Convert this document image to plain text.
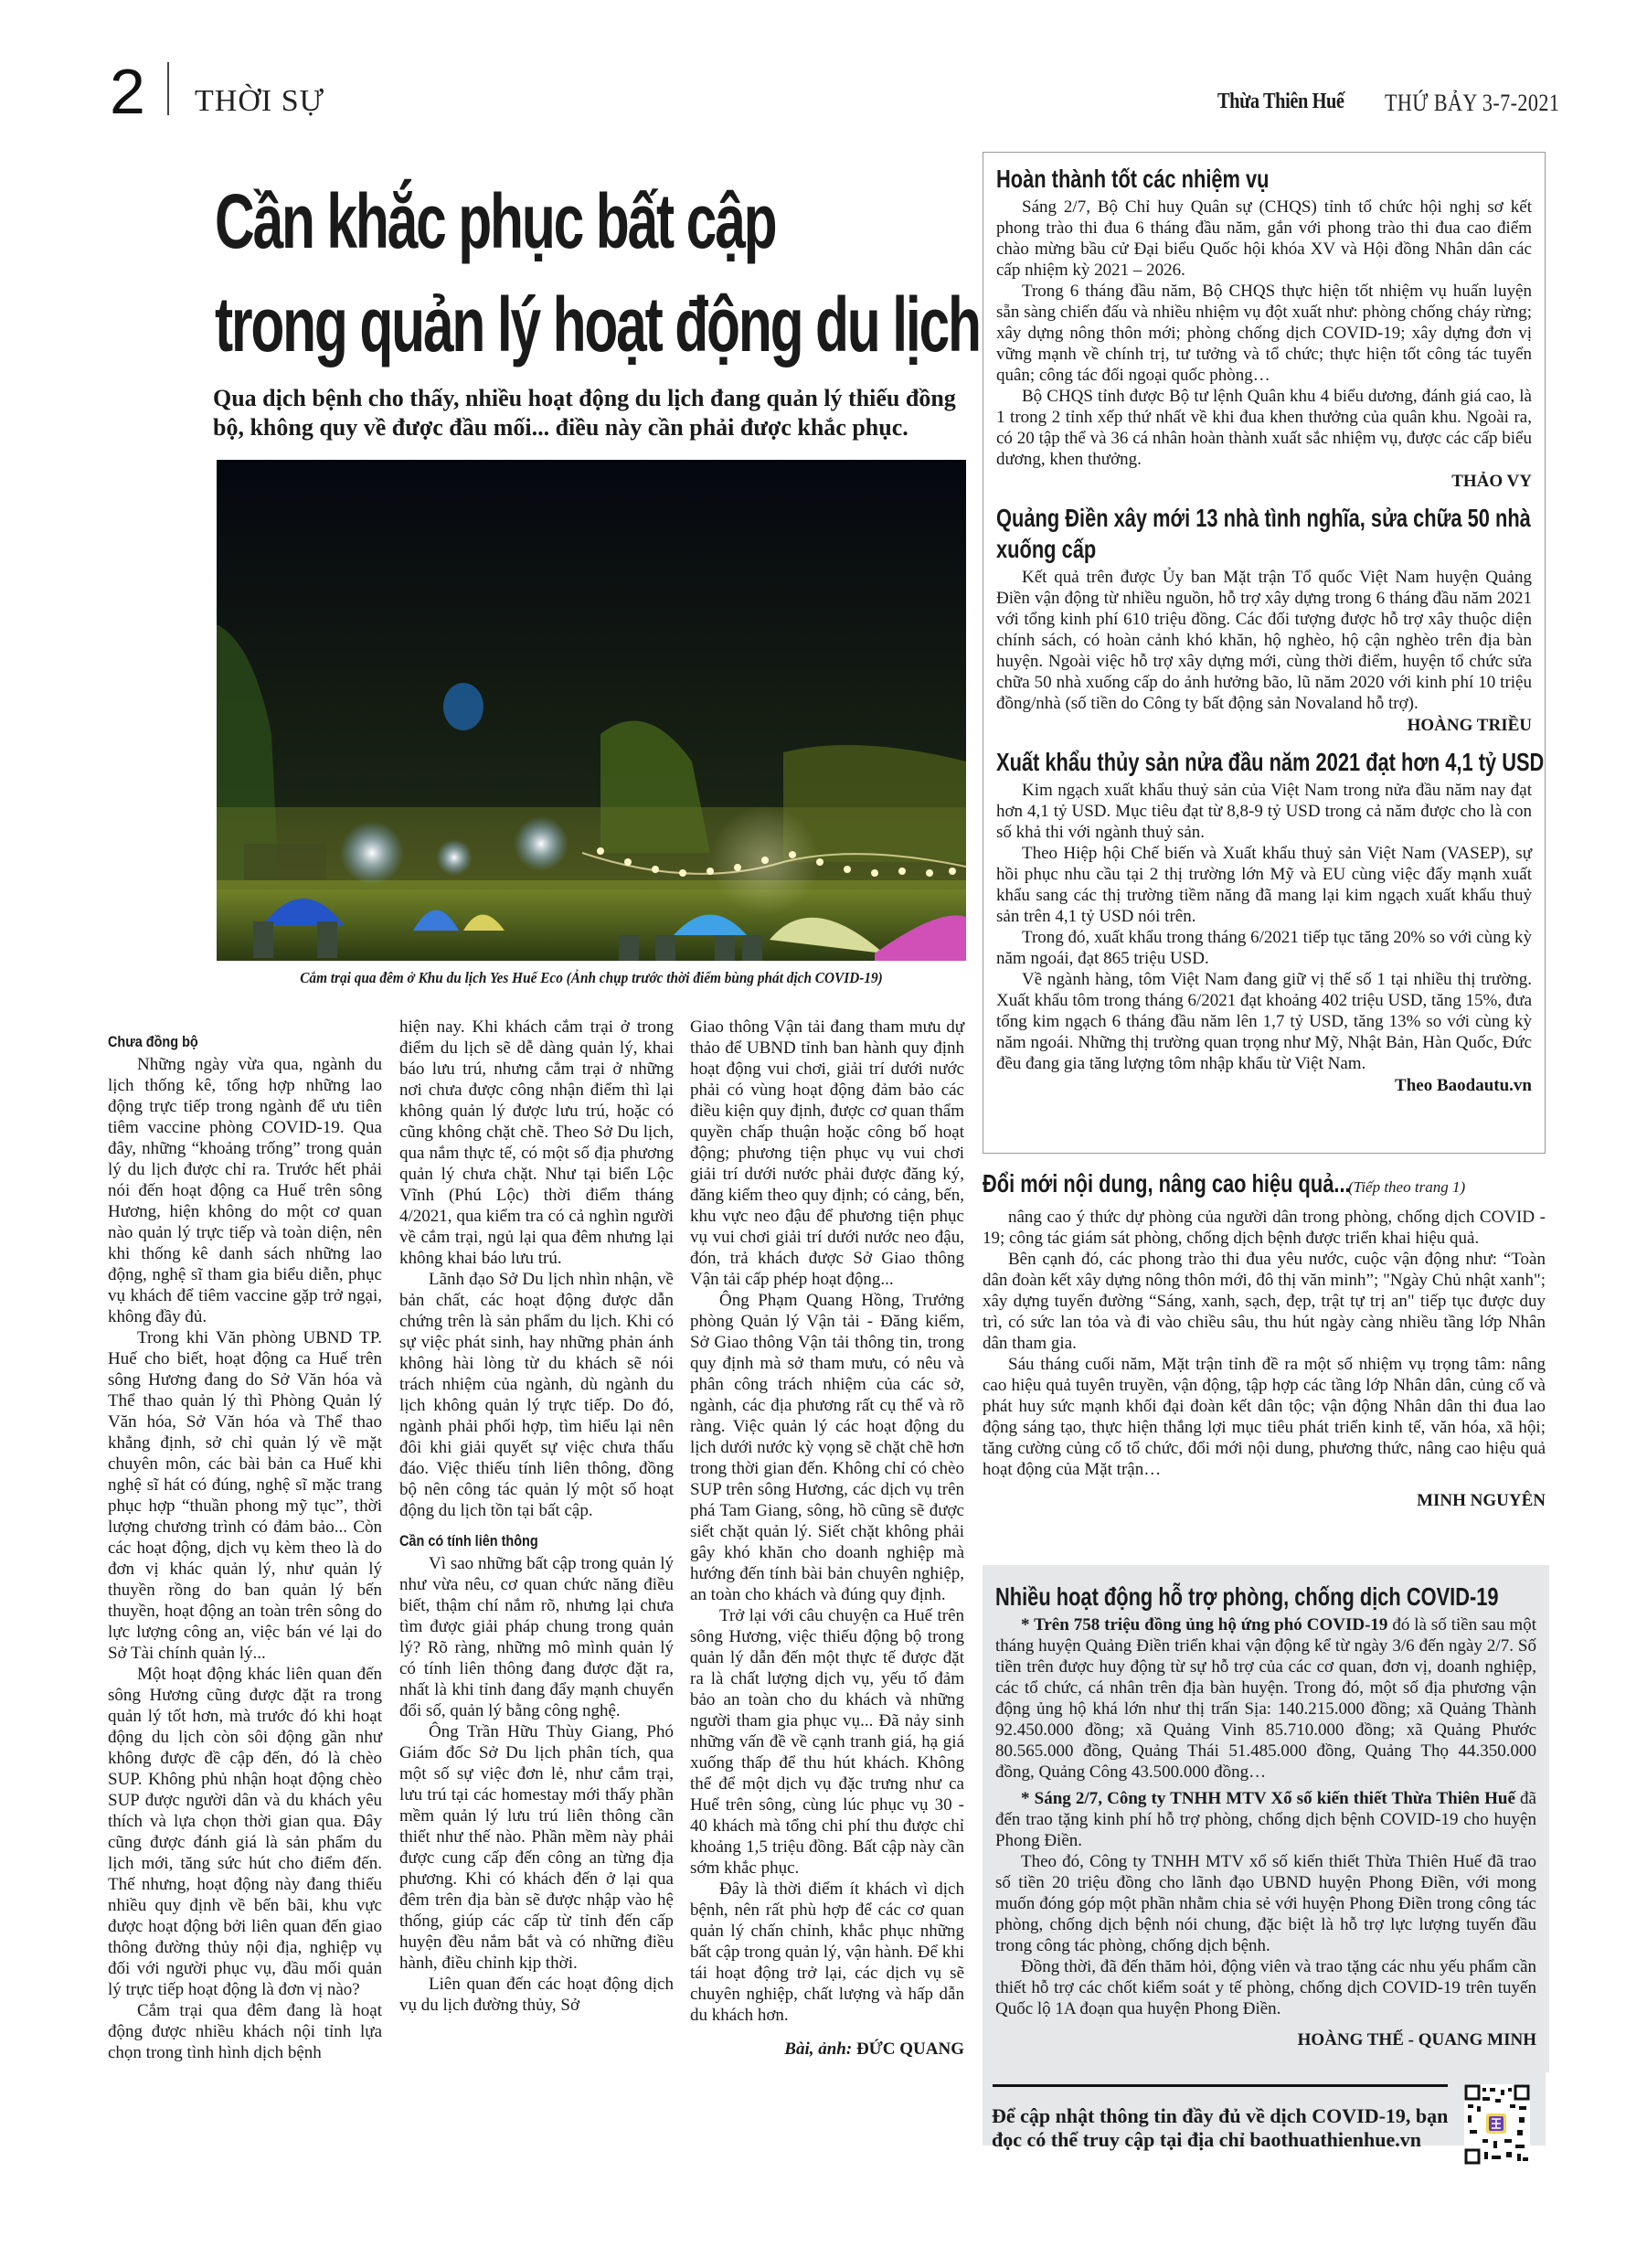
2 THỜI SỰ	Thừa Thiên Huế THỨ BẢY 3-7-2021
Cần khắc phục bất cập
trong quản lý hoạt động du lịch
Qua dịch bệnh cho thấy, nhiều hoạt động du lịch đang quản lý thiếu đồng bộ, không quy về được đầu mối... điều này cần phải được khắc phục.
Cắm trại qua đêm ở Khu du lịch Yes Huế Eco (Ảnh chụp trước thời điểm bùng phát dịch COVID-19)
Chưa đồng bộ

Những ngày vừa qua, ngành du lịch thống kê, tổng hợp những lao động trực tiếp trong ngành để ưu tiên tiêm vaccine phòng COVID-19. Qua đây, những “khoảng trống” trong quản lý du lịch được chỉ ra. Trước hết phải nói đến hoạt động ca Huế trên sông Hương, hiện không do một cơ quan nào quản lý trực tiếp và toàn diện, nên khi thống kê danh sách những lao động, nghệ sĩ tham gia biểu diễn, phục vụ khách để tiêm vaccine gặp trở ngại, không đầy đủ.

Trong khi Văn phòng UBND TP. Huế cho biết, hoạt động ca Huế trên sông Hương đang do Sở Văn hóa và Thể thao quản lý thì Phòng Quản lý Văn hóa, Sở Văn hóa và Thể thao khẳng định, sở chỉ quản lý về mặt chuyên môn, các bài bản ca Huế khi nghệ sĩ hát có đúng, nghệ sĩ mặc trang phục hợp “thuần phong mỹ tục”, thời lượng chương trình có đảm bảo... Còn các hoạt động, dịch vụ kèm theo là do đơn vị khác quản lý, như quản lý thuyền rồng do ban quản lý bến thuyền, hoạt động an toàn trên sông do lực lượng công an, việc bán vé lại do Sở Tài chính quản lý...

Một hoạt động khác liên quan đến sông Hương cũng được đặt ra trong quản lý tốt hơn, mà trước đó khi hoạt động du lịch còn sôi động gần như không được đề cập đến, đó là chèo SUP. Không phủ nhận hoạt động chèo SUP được người dân và du khách yêu thích và lựa chọn thời gian qua. Đây cũng được đánh giá là sản phẩm du lịch mới, tăng sức hút cho điểm đến. Thế nhưng, hoạt động này đang thiếu nhiều quy định về bến bãi, khu vực được hoạt động bởi liên quan đến giao thông đường thủy nội địa, nghiệp vụ đối với người phục vụ, đầu mối quản lý trực tiếp hoạt động là đơn vị nào?

Cắm trại qua đêm đang là hoạt động được nhiều khách nội tỉnh lựa chọn trong tình hình dịch bệnh

hiện nay. Khi khách cắm trại ở trong điểm du lịch sẽ dễ dàng quản lý, khai báo lưu trú, nhưng cắm trại ở những nơi chưa được công nhận điểm thì lại không quản lý được lưu trú, hoặc có cũng không chặt chẽ. Theo Sở Du lịch, qua nắm thực tế, có một số địa phương quản lý chưa chặt. Như tại biển Lộc Vĩnh (Phú Lộc) thời điểm tháng 4/2021, qua kiểm tra có cả nghìn người về cắm trại, ngủ lại qua đêm nhưng lại không khai báo lưu trú.

Lãnh đạo Sở Du lịch nhìn nhận, về bản chất, các hoạt động được dẫn chứng trên là sản phẩm du lịch. Khi có sự việc phát sinh, hay những phản ánh không hài lòng từ du khách sẽ nói trách nhiệm của ngành, dù ngành du lịch không quản lý trực tiếp. Do đó, ngành phải phối hợp, tìm hiểu lại nên đôi khi giải quyết sự việc chưa thấu đáo. Việc thiếu tính liên thông, đồng bộ nên công tác quản lý một số hoạt động du lịch tồn tại bất cập.

Cần có tính liên thông

Vì sao những bất cập trong quản lý như vừa nêu, cơ quan chức năng điều biết, thậm chí nắm rõ, nhưng lại chưa tìm được giải pháp chung trong quản lý? Rõ ràng, những mô mình quản lý có tính liên thông đang được đặt ra, nhất là khi tỉnh đang đẩy mạnh chuyển đổi số, quản lý bằng công nghệ.

Ông Trần Hữu Thùy Giang, Phó Giám đốc Sở Du lịch phân tích, qua một số sự việc đơn lẻ, như cắm trại, lưu trú tại các homestay mới thấy phần mềm quản lý lưu trú liên thông cần thiết như thế nào. Phần mềm này phải được cung cấp đến công an từng địa phương. Khi có khách đến ở lại qua đêm trên địa bàn sẽ được nhập vào hệ thống, giúp các cấp từ tỉnh đến cấp huyện đều nắm bắt và có những điều hành, điều chỉnh kịp thời.

Liên quan đến các hoạt động dịch vụ du lịch đường thủy, Sở

Giao thông Vận tải đang tham mưu dự thảo để UBND tỉnh ban hành quy định hoạt động vui chơi, giải trí dưới nước phải có vùng hoạt động đảm bảo các điều kiện quy định, được cơ quan thẩm quyền chấp thuận hoặc công bố hoạt động; phương tiện phục vụ vui chơi giải trí dưới nước phải được đăng ký, đăng kiểm theo quy định; có cảng, bến, khu vực neo đậu để phương tiện phục vụ vui chơi giải trí dưới nước neo đậu, đón, trả khách được Sở Giao thông Vận tải cấp phép hoạt động...

Ông Phạm Quang Hồng, Trưởng phòng Quản lý Vận tải - Đăng kiểm, Sở Giao thông Vận tải thông tin, trong quy định mà sở tham mưu, có nêu và phân công trách nhiệm của các sở, ngành, các địa phương rất cụ thể và rõ ràng. Việc quản lý các hoạt động du lịch dưới nước kỳ vọng sẽ chặt chẽ hơn trong thời gian đến. Không chỉ có chèo SUP trên sông Hương, các dịch vụ trên phá Tam Giang, sông, hồ cũng sẽ được siết chặt quản lý. Siết chặt không phải gây khó khăn cho doanh nghiệp mà hướng đến tính bài bản chuyên nghiệp, an toàn cho khách và đúng quy định.

Trở lại với câu chuyện ca Huế trên sông Hương, việc thiếu động bộ trong quản lý dẫn đến một thực tế được đặt ra là chất lượng dịch vụ, yếu tố đảm bảo an toàn cho du khách và những người tham gia phục vụ... Đã nảy sinh những vấn đề về cạnh tranh giá, hạ giá xuống thấp để thu hút khách. Không thể để một dịch vụ đặc trưng như ca Huế trên sông, cùng lúc phục vụ 30 - 40 khách mà tổng chi phí thu được chỉ khoảng 1,5 triệu đồng. Bất cập này cần sớm khắc phục.

Đây là thời điểm ít khách vì dịch bệnh, nên rất phù hợp để các cơ quan quản lý chấn chỉnh, khắc phục những bất cập trong quản lý, vận hành. Để khi tái hoạt động trở lại, các dịch vụ sẽ chuyên nghiệp, chất lượng và hấp dẫn du khách hơn.

Bài, ảnh: ĐỨC QUANG
Hoàn thành tốt các nhiệm vụ

Sáng 2/7, Bộ Chỉ huy Quân sự (CHQS) tỉnh tổ chức hội nghị sơ kết phong trào thi đua 6 tháng đầu năm, gắn với phong trào thi đua cao điểm chào mừng bầu cử Đại biểu Quốc hội khóa XV và Hội đồng Nhân dân các cấp nhiệm kỳ 2021 – 2026.

Trong 6 tháng đầu năm, Bộ CHQS thực hiện tốt nhiệm vụ huấn luyện sẵn sàng chiến đấu và nhiều nhiệm vụ đột xuất như: phòng chống cháy rừng; xây dựng nông thôn mới; phòng chống dịch COVID-19; xây dựng đơn vị vững mạnh về chính trị, tư tưởng và tổ chức; thực hiện tốt công tác tuyển quân; công tác đối ngoại quốc phòng…

Bộ CHQS tỉnh được Bộ tư lệnh Quân khu 4 biểu dương, đánh giá cao, là 1 trong 2 tỉnh xếp thứ nhất về khi đua khen thưởng của quân khu. Ngoài ra, có 20 tập thể và 36 cá nhân hoàn thành xuất sắc nhiệm vụ, được các cấp biểu dương, khen thưởng.

THẢO VY
Quảng Điền xây mới 13 nhà tình nghĩa, sửa chữa 50 nhà xuống cấp

Kết quả trên được Ủy ban Mặt trận Tổ quốc Việt Nam huyện Quảng Điền vận động từ nhiều nguồn, hỗ trợ xây dựng trong 6 tháng đầu năm 2021 với tổng kinh phí 610 triệu đồng. Các đối tượng được hỗ trợ xây thuộc diện chính sách, có hoàn cảnh khó khăn, hộ nghèo, hộ cận nghèo trên địa bàn huyện. Ngoài việc hỗ trợ xây dựng mới, cùng thời điểm, huyện tổ chức sửa chữa 50 nhà xuống cấp do ảnh hưởng bão, lũ năm 2020 với kinh phí 10 triệu đồng/nhà (số tiền do Công ty bất động sản Novaland hỗ trợ).

HOÀNG TRIỀU
Xuất khẩu thủy sản nửa đầu năm 2021 đạt hơn 4,1 tỷ USD

Kim ngạch xuất khẩu thuỷ sản của Việt Nam trong nửa đầu năm nay đạt hơn 4,1 tỷ USD. Mục tiêu đạt từ 8,8-9 tỷ USD trong cả năm được cho là con số khả thi với ngành thuỷ sản.

Theo Hiệp hội Chế biến và Xuất khẩu thuỷ sản Việt Nam (VASEP), sự hồi phục nhu cầu tại 2 thị trường lớn Mỹ và EU cùng việc đẩy mạnh xuất khẩu sang các thị trường tiềm năng đã mang lại kim ngạch xuất khẩu thuỷ sản trên 4,1 tỷ USD nói trên.

Trong đó, xuất khẩu trong tháng 6/2021 tiếp tục tăng 20% so với cùng kỳ năm ngoái, đạt 865 triệu USD.

Về ngành hàng, tôm Việt Nam đang giữ vị thế số 1 tại nhiều thị trường. Xuất khẩu tôm trong tháng 6/2021 đạt khoảng 402 triệu USD, tăng 15%, đưa tổng kim ngạch 6 tháng đầu năm lên 1,7 tỷ USD, tăng 13% so với cùng kỳ năm ngoái. Những thị trường quan trọng như Mỹ, Nhật Bản, Hàn Quốc, Đức đều đang gia tăng lượng tôm nhập khẩu từ Việt Nam.

Theo Baodautu.vn
Đổi mới nội dung, nâng cao hiệu quả... (Tiếp theo trang 1)

nâng cao ý thức dự phòng của người dân trong phòng, chống dịch COVID - 19; công tác giám sát phòng, chống dịch bệnh được triển khai hiệu quả.

Bên cạnh đó, các phong trào thi đua yêu nước, cuộc vận động như: “Toàn dân đoàn kết xây dựng nông thôn mới, đô thị văn minh”; "Ngày Chủ nhật xanh"; xây dựng tuyến đường “Sáng, xanh, sạch, đẹp, trật tự trị an" tiếp tục được duy trì, có sức lan tỏa và đi vào chiều sâu, thu hút ngày càng nhiều tầng lớp Nhân dân tham gia.

Sáu tháng cuối năm, Mặt trận tỉnh đề ra một số nhiệm vụ trọng tâm: nâng cao hiệu quả tuyên truyền, vận động, tập hợp các tầng lớp Nhân dân, củng cố và phát huy sức mạnh khối đại đoàn kết dân tộc; vận động Nhân dân thi đua lao động sáng tạo, thực hiện thắng lợi mục tiêu phát triển kinh tế, văn hóa, xã hội; tăng cường củng cố tổ chức, đổi mới nội dung, phương thức, nâng cao hiệu quả hoạt động của Mặt trận…

MINH NGUYÊN
Nhiều hoạt động hỗ trợ phòng, chống dịch COVID-19

* Trên 758 triệu đồng ủng hộ ứng phó COVID-19 đó là số tiền sau một tháng huyện Quảng Điền triển khai vận động kể từ ngày 3/6 đến ngày 2/7. Số tiền trên được huy động từ sự hỗ trợ của các cơ quan, đơn vị, doanh nghiệp, các tổ chức, cá nhân trên địa bàn huyện. Trong đó, một số địa phương vận động ủng hộ khá lớn như thị trấn Sịa: 140.215.000 đồng; xã Quảng Thành 92.450.000 đồng; xã Quảng Vinh 85.710.000 đồng; xã Quảng Phước 80.565.000 đồng, Quảng Thái 51.485.000 đồng, Quảng Thọ 44.350.000 đồng, Quảng Công 43.500.000 đồng…

* Sáng 2/7, Công ty TNHH MTV Xổ số kiến thiết Thừa Thiên Huế đã đến trao tặng kinh phí hỗ trợ phòng, chống dịch bệnh COVID-19 cho huyện Phong Điền.

Theo đó, Công ty TNHH MTV xổ số kiến thiết Thừa Thiên Huế đã trao số tiền 20 triệu đồng cho lãnh đạo UBND huyện Phong Điền, với mong muốn đóng góp một phần nhằm chia sẻ với huyện Phong Điền trong công tác phòng, chống dịch bệnh nói chung, đặc biệt là hỗ trợ lực lượng tuyến đầu trong công tác phòng, chống dịch bệnh.

Đồng thời, đã đến thăm hỏi, động viên và trao tặng các nhu yếu phẩm cần thiết hỗ trợ các chốt kiểm soát y tế phòng, chống dịch COVID-19 trên tuyến Quốc lộ 1A đoạn qua huyện Phong Điền.

HOÀNG THẾ - QUANG MINH
Để cập nhật thông tin đầy đủ về dịch COVID-19, bạn đọc có thể truy cập tại địa chỉ baothuathienhue.vn
